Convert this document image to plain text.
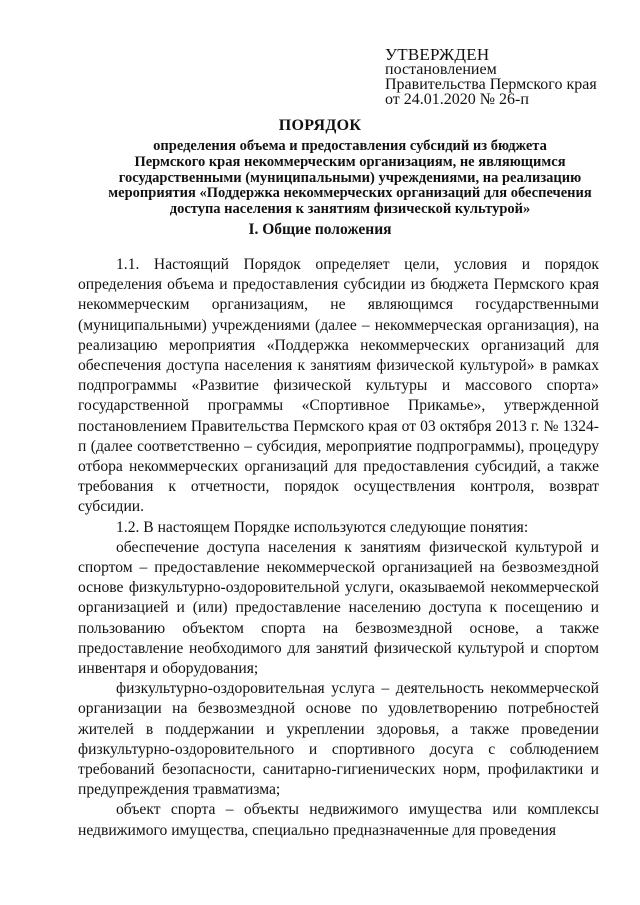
УТВЕРЖДЕН
постановлением
Правительства Пермского края
от 24.01.2020 № 26-п
ПОРЯДОК
определения объема и предоставления субсидий из бюджета
Пермского края некоммерческим организациям, не являющимся
государственными (муниципальными) учреждениями, на реализацию
мероприятия «Поддержка некоммерческих организаций для обеспечения
доступа населения к занятиям физической культурой»
I. Общие положения

1.1. Настоящий Порядок определяет цели, условия и порядок определения объема и предоставления субсидии из бюджета Пермского края некоммерческим организациям, не являющимся государственными (муниципальными) учреждениями (далее – некоммерческая организация), на реализацию мероприятия «Поддержка некоммерческих организаций для обеспечения доступа населения к занятиям физической культурой» в рамках подпрограммы «Развитие физической культуры и массового спорта» государственной программы «Спортивное Прикамье», утвержденной постановлением Правительства Пермского края от 03 октября 2013 г. № 1324-п (далее соответственно – субсидия, мероприятие подпрограммы), процедуру отбора некоммерческих организаций для предоставления субсидий, а также требования к отчетности, порядок осуществления контроля, возврат субсидии.

1.2. В настоящем Порядке используются следующие понятия:

обеспечение доступа населения к занятиям физической культурой и спортом – предоставление некоммерческой организацией на безвозмездной основе физкультурно-оздоровительной услуги, оказываемой некоммерческой организацией и (или) предоставление населению доступа к посещению и пользованию объектом спорта на безвозмездной основе, а также предоставление необходимого для занятий физической культурой и спортом инвентаря и оборудования;

физкультурно-оздоровительная услуга – деятельность некоммерческой организации на безвозмездной основе по удовлетворению потребностей жителей в поддержании и укреплении здоровья, а также проведении физкультурно-оздоровительного и спортивного досуга с соблюдением требований безопасности, санитарно-гигиенических норм, профилактики и предупреждения травматизма;

объект спорта – объекты недвижимого имущества или комплексы недвижимого имущества, специально предназначенные для проведения
